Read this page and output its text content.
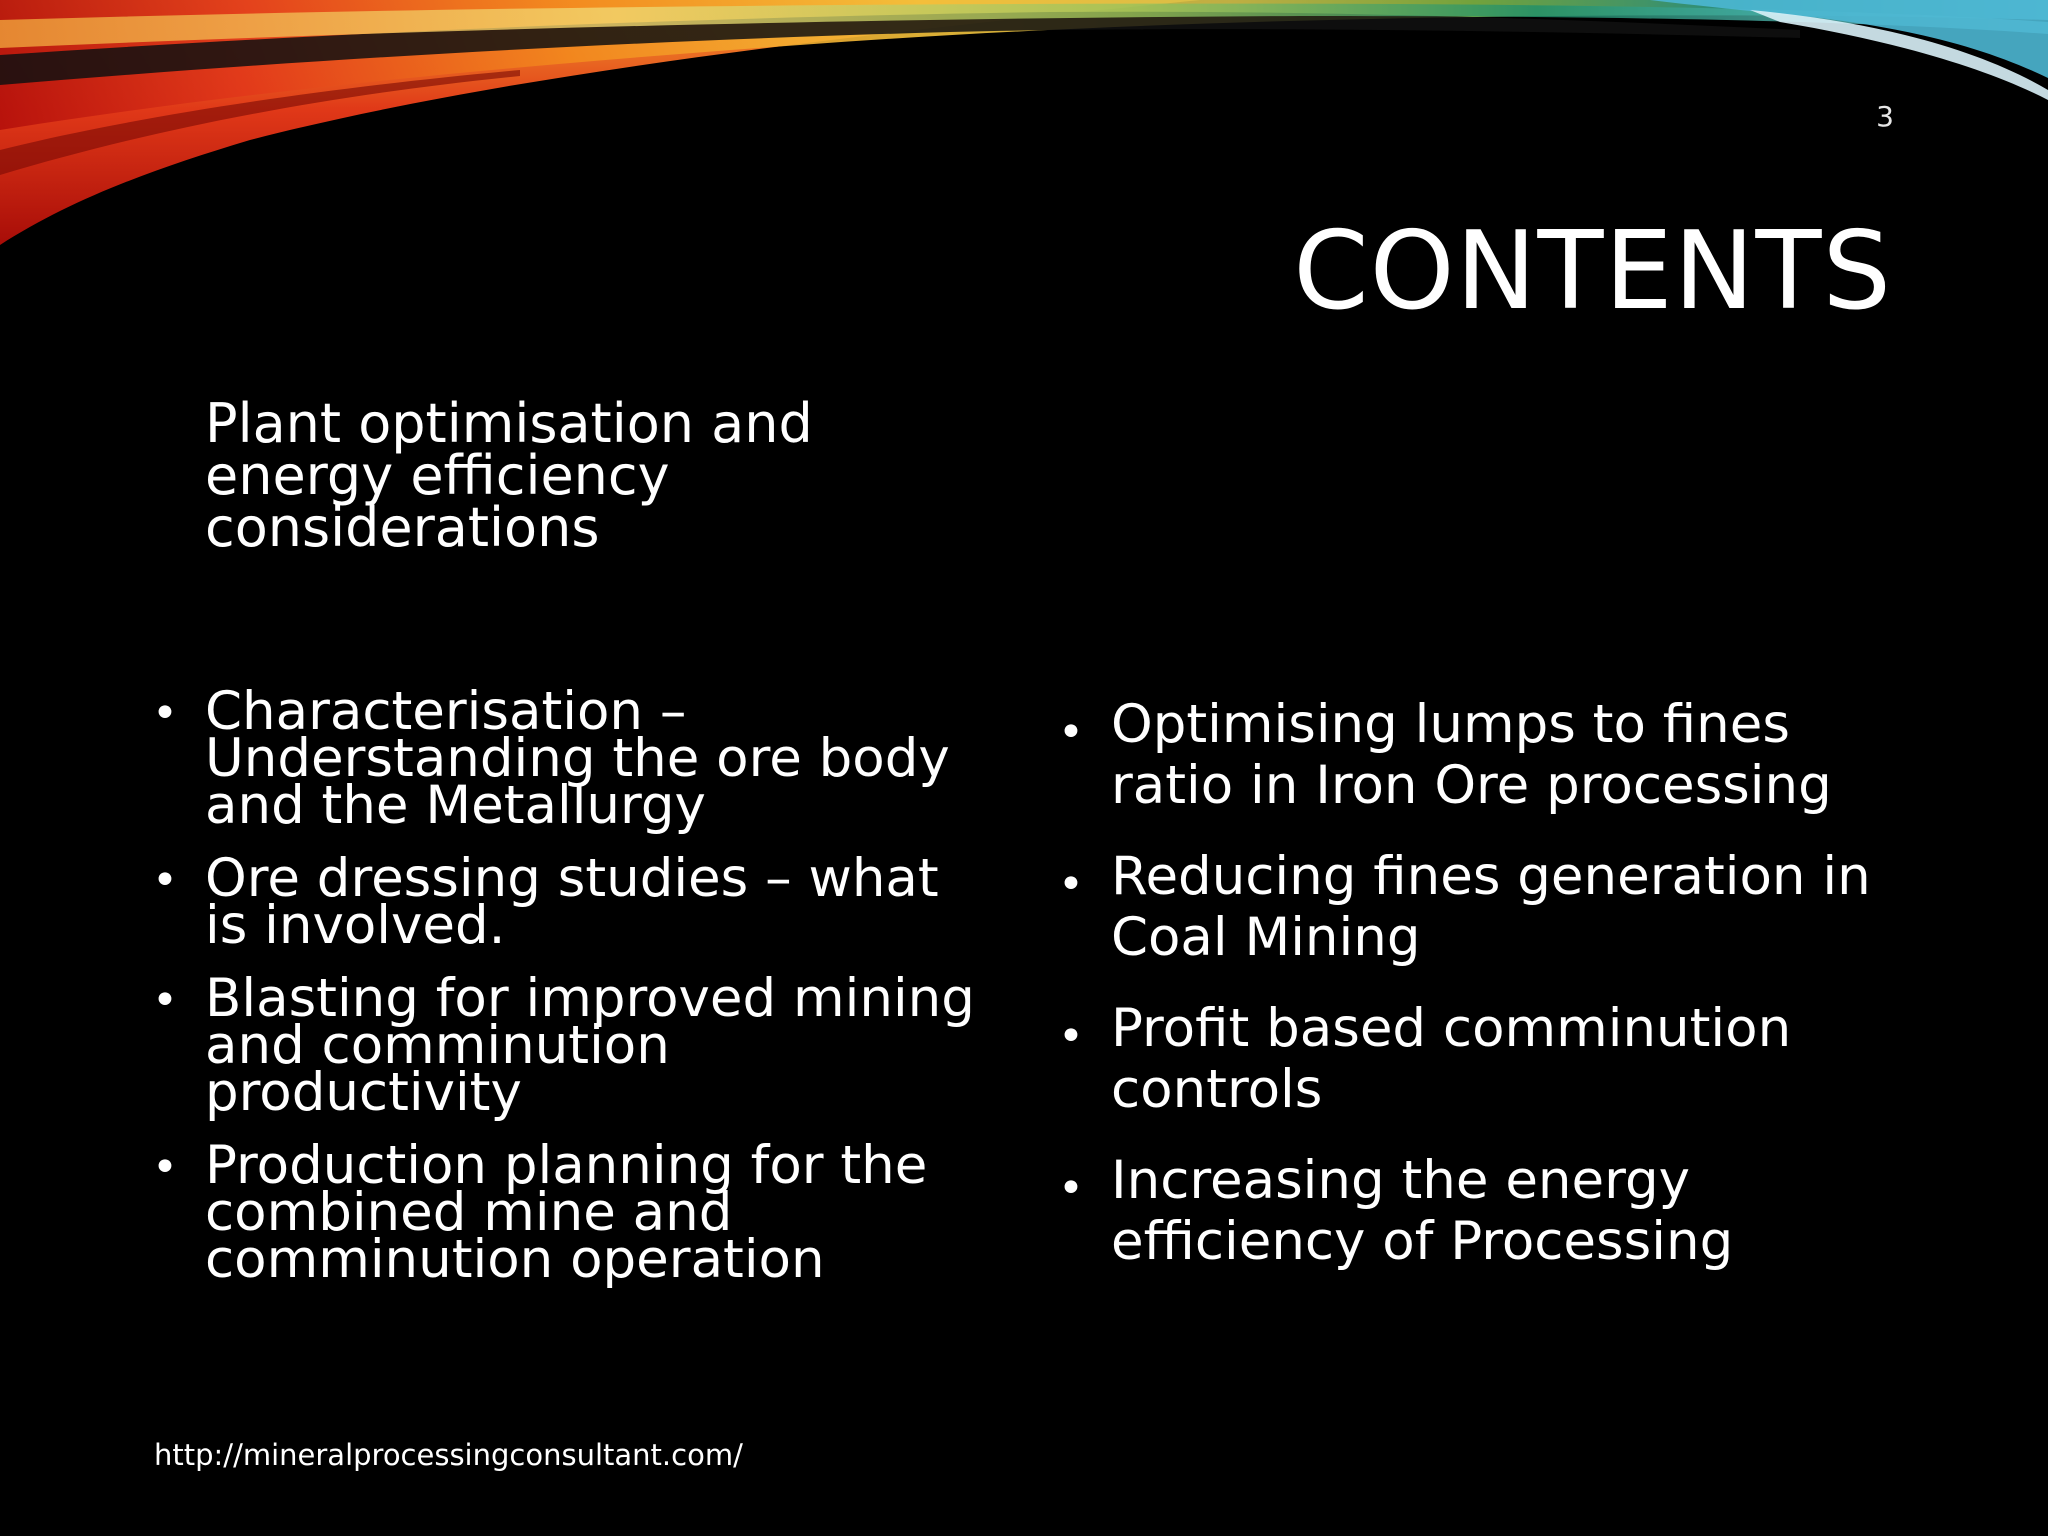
3
CONTENTS
Plant optimisation and energy efficiency considerations
• Characterisation – Understanding the ore body and the Metallurgy
• Ore dressing studies – what is involved.
• Blasting for improved mining and comminution productivity
• Production planning for the combined mine and comminution operation
• Optimising lumps to fines ratio in Iron Ore processing
• Reducing fines generation in Coal Mining
• Profit based comminution controls
• Increasing the energy efficiency of Processing
http://mineralprocessingconsultant.com/
